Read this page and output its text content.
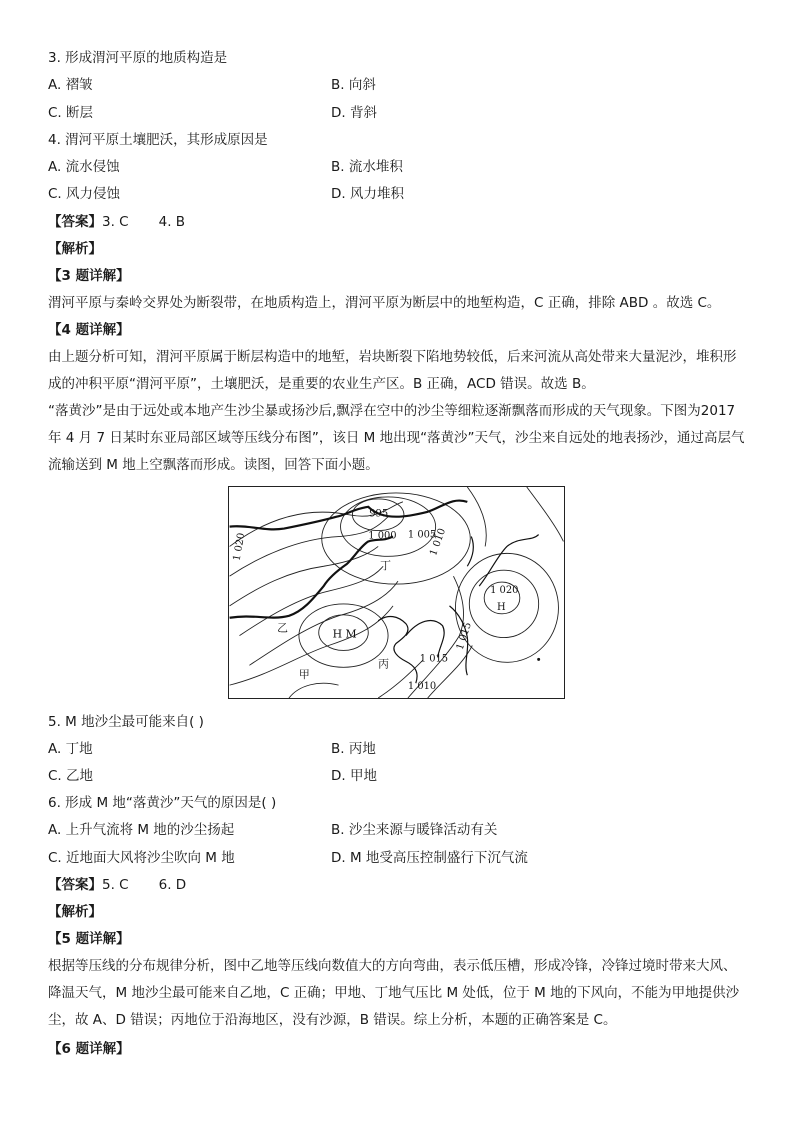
3. 形成渭河平原的地质构造是
A. 褶皱	B. 向斜
C. 断层	D. 背斜
4. 渭河平原土壤肥沃，其形成原因是
A. 流水侵蚀	B. 流水堆积
C. 风力侵蚀	D. 风力堆积
【答案】3. C       4. B
【解析】
【3 题详解】
渭河平原与秦岭交界处为断裂带，在地质构造上，渭河平原为断层中的地堑构造，C 正确，排除 ABD 。故选 C。
【4 题详解】
由上题分析可知，渭河平原属于断层构造中的地堑，岩块断裂下陷地势较低，后来河流从高处带来大量泥沙，堆积形成的冲积平原“渭河平原”，土壤肥沃，是重要的农业生产区。B 正确，ACD 错误。故选 B。
“落黄沙”是由于远处或本地产生沙尘暴或扬沙后,飘浮在空中的沙尘等细粒逐渐飘落而形成的天气现象。下图为2017年 4 月 7 日某时东亚局部区域等压线分布图”，该日 M 地出现“落黄沙”天气，沙尘来自远处的地表扬沙，通过高层气流输送到 M 地上空飘落而形成。读图，回答下面小题。
995
1 000 1 005
1 010
1 020
1 020
H
1 015
1 015
1 010
丁
乙	H M
丙
甲
5. M 地沙尘最可能来自( )
A. 丁地	B. 丙地
C. 乙地	D. 甲地
6. 形成 M 地“落黄沙”天气的原因是( )
A. 上升气流将 M 地的沙尘扬起	B. 沙尘来源与暖锋活动有关
C. 近地面大风将沙尘吹向 M 地	D. M 地受高压控制盛行下沉气流
【答案】5. C       6. D
【解析】
【5 题详解】
根据等压线的分布规律分析，图中乙地等压线向数值大的方向弯曲，表示低压槽，形成冷锋，冷锋过境时带来大风、降温天气，M 地沙尘最可能来自乙地，C 正确；甲地、丁地气压比 M 处低，位于 M 地的下风向，不能为甲地提供沙尘，故 A、D 错误；丙地位于沿海地区，没有沙源，B 错误。综上分析，本题的正确答案是 C。
【6 题详解】
